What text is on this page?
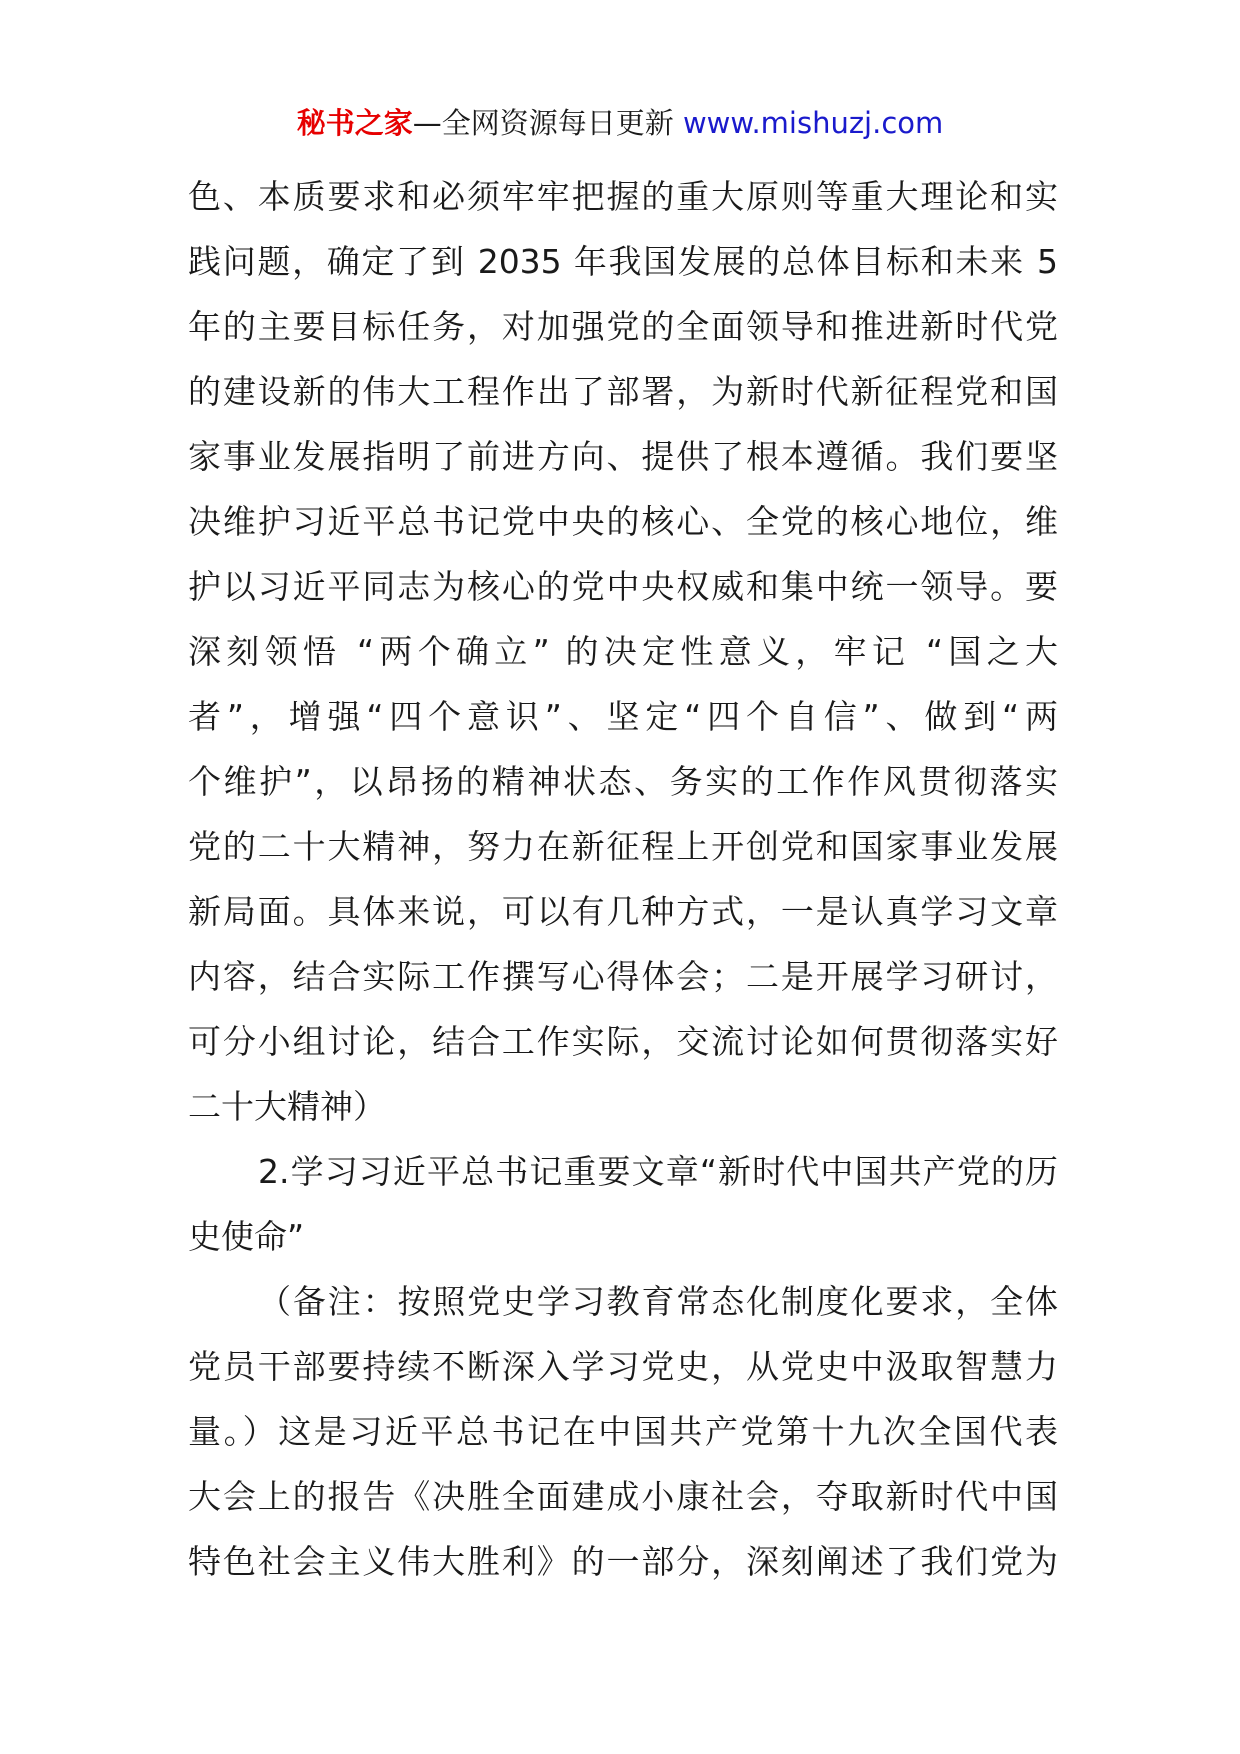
秘书之家—全网资源每日更新 www.mishuzj.com
色、本质要求和必须牢牢把握的重大原则等重大理论和实
践问题，确定了到 2035 年我国发展的总体目标和未来 5
年的主要目标任务，对加强党的全面领导和推进新时代党
的建设新的伟大工程作出了部署，为新时代新征程党和国
家事业发展指明了前进方向、提供了根本遵循。我们要坚
决维护习近平总书记党中央的核心、全党的核心地位，维
护以习近平同志为核心的党中央权威和集中统一领导。要
深刻领悟 “两个确立” 的决定性意义，牢记 “国之大
者”，增强“四个意识”、坚定“四个自信”、做到“两
个维护”，以昂扬的精神状态、务实的工作作风贯彻落实
党的二十大精神，努力在新征程上开创党和国家事业发展
新局面。具体来说，可以有几种方式，一是认真学习文章
内容，结合实际工作撰写心得体会；二是开展学习研讨，
可分小组讨论，结合工作实际，交流讨论如何贯彻落实好
二十大精神）
2.学习习近平总书记重要文章“新时代中国共产党的历
史使命”
（备注：按照党史学习教育常态化制度化要求，全体
党员干部要持续不断深入学习党史，从党史中汲取智慧力
量。）这是习近平总书记在中国共产党第十九次全国代表
大会上的报告《决胜全面建成小康社会，夺取新时代中国
特色社会主义伟大胜利》的一部分，深刻阐述了我们党为
